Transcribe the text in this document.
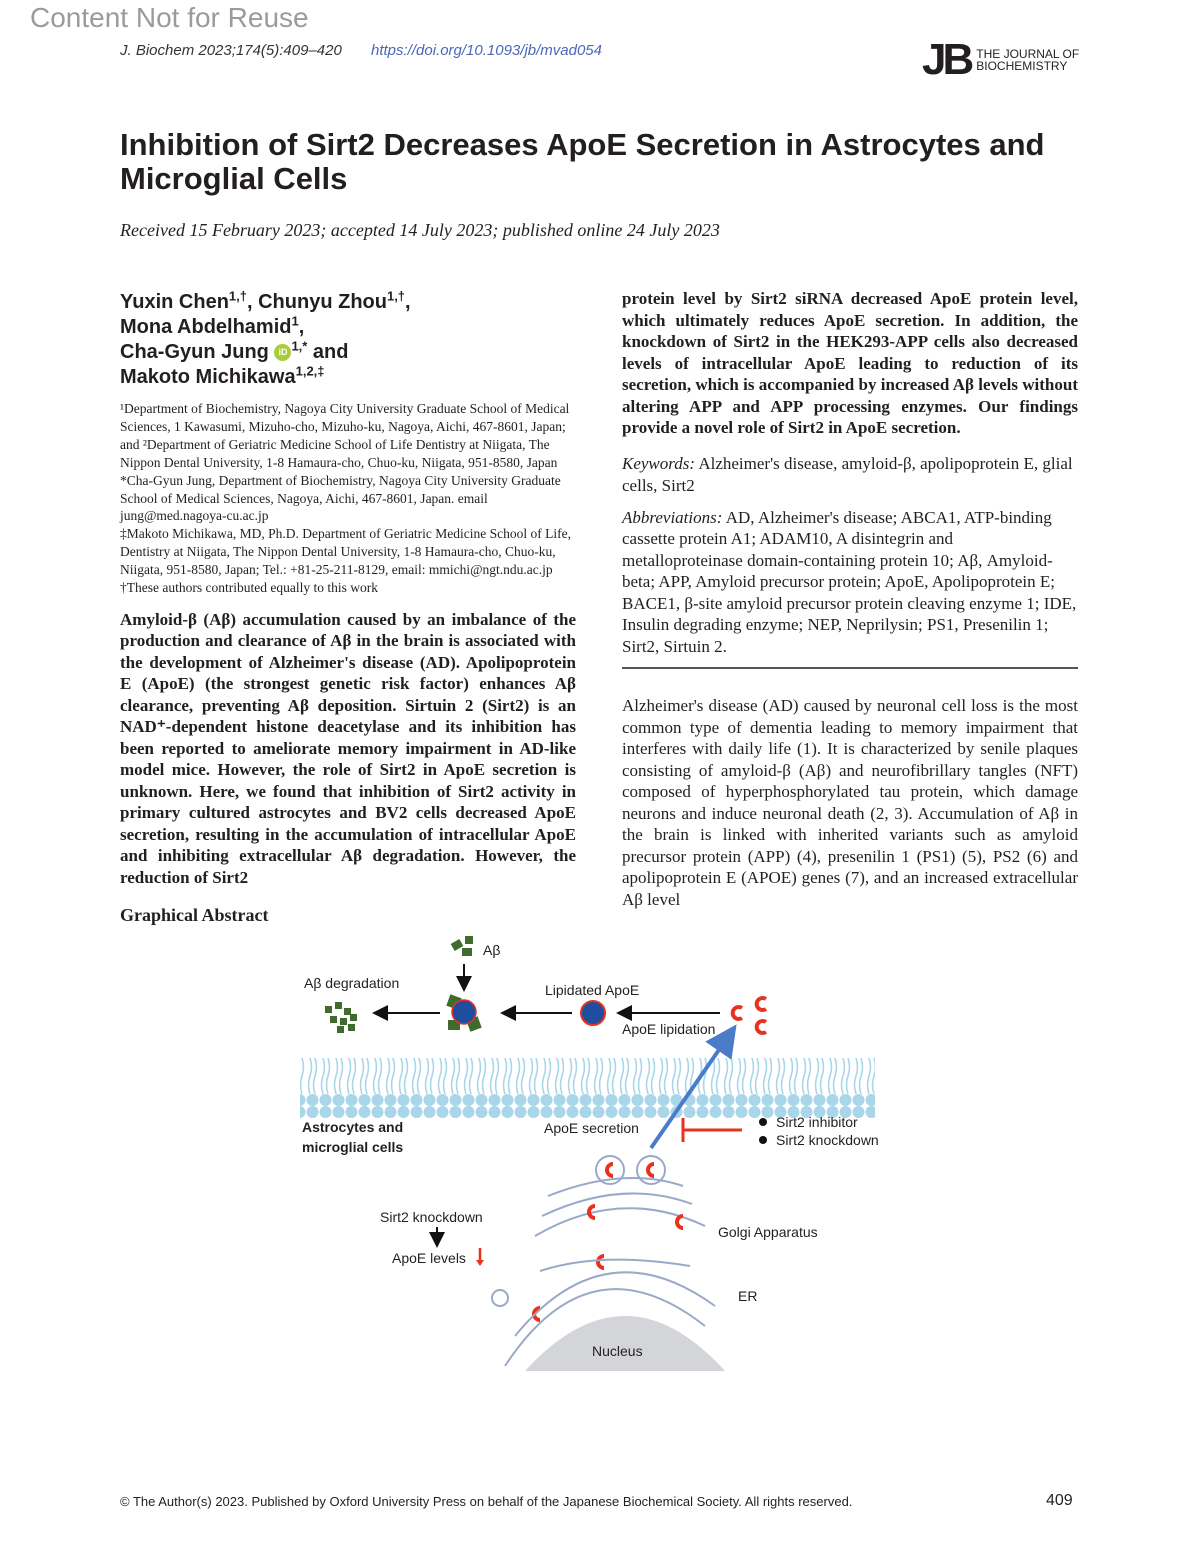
Content Not for Reuse
J. Biochem 2023;174(5):409–420 https://doi.org/10.1093/jb/mvad054	JB THE JOURNAL OF
BIOCHEMISTRY
Inhibition of Sirt2 Decreases ApoE Secretion in Astrocytes and Microglial Cells
Received 15 February 2023; accepted 14 July 2023; published online 24 July 2023
Yuxin Chen$^{1,\dagger}$, Chunyu Zhou$^{1,\dagger}$,
Mona Abdelhamid$^1$,
Cha-Gyun Jung iD $^{1,*}$ and
Makoto Michikawa$^{1,2,\ddagger}$

¹Department of Biochemistry, Nagoya City University Graduate School of Medical Sciences, 1 Kawasumi, Mizuho-cho, Mizuho-ku, Nagoya, Aichi, 467-8601, Japan; and ²Department of Geriatric Medicine School of Life Dentistry at Niigata, The Nippon Dental University, 1-8 Hamaura-cho, Chuo-ku, Niigata, 951-8580, Japan

*Cha-Gyun Jung, Department of Biochemistry, Nagoya City University Graduate School of Medical Sciences, Nagoya, Aichi, 467-8601, Japan. email jung@med.nagoya-cu.ac.jp

‡Makoto Michikawa, MD, Ph.D. Department of Geriatric Medicine School of Life, Dentistry at Niigata, The Nippon Dental University, 1-8 Hamaura-cho, Chuo-ku, Niigata, 951-8580, Japan; Tel.: +81-25-211-8129, email: mmichi@ngt.ndu.ac.jp

†These authors contributed equally to this work

Amyloid-β (Aβ) accumulation caused by an imbalance of the production and clearance of Aβ in the brain is associated with the development of Alzheimer's disease (AD). Apolipoprotein E (ApoE) (the strongest genetic risk factor) enhances Aβ clearance, preventing Aβ deposition. Sirtuin 2 (Sirt2) is an NAD⁺-dependent histone deacetylase and its inhibition has been reported to ameliorate memory impairment in AD-like model mice. However, the role of Sirt2 in ApoE secretion is unknown. Here, we found that inhibition of Sirt2 activity in primary cultured astrocytes and BV2 cells decreased ApoE secretion, resulting in the accumulation of intracellular ApoE and inhibiting extracellular Aβ degradation. However, the reduction of Sirt2
Graphical Abstract
Aβ
Aβ degradation	Lipidated ApoE
ApoE lipidation
Astrocytes and
microglial cells
ApoE secretion	Sirt2 inhibitor
Sirt2 knockdown
Golgi Apparatus
ER
Nucleus
Sirt2 knockdown
ApoE levels
protein level by Sirt2 siRNA decreased ApoE protein level, which ultimately reduces ApoE secretion. In addition, the knockdown of Sirt2 in the HEK293-APP cells also decreased levels of intracellular ApoE leading to reduction of its secretion, which is accompanied by increased Aβ levels without altering APP and APP processing enzymes. Our findings provide a novel role of Sirt2 in ApoE secretion.
Keywords: Alzheimer's disease, amyloid-β, apolipoprotein E, glial cells, Sirt2
Abbreviations: AD, Alzheimer's disease; ABCA1, ATP-binding cassette protein A1; ADAM10, A disintegrin and metalloproteinase domain-containing protein 10; Aβ, Amyloid-beta; APP, Amyloid precursor protein; ApoE, Apolipoprotein E; BACE1, β-site amyloid precursor protein cleaving enzyme 1; IDE, Insulin degrading enzyme; NEP, Neprilysin; PS1, Presenilin 1; Sirt2, Sirtuin 2.
Alzheimer's disease (AD) caused by neuronal cell loss is the most common type of dementia leading to memory impairment that interferes with daily life (1). It is characterized by senile plaques consisting of amyloid-β (Aβ) and neurofibrillary tangles (NFT) composed of hyperphosphorylated tau protein, which damage neurons and induce neuronal death (2, 3). Accumulation of Aβ in the brain is linked with inherited variants such as amyloid precursor protein (APP) (4), presenilin 1 (PS1) (5), PS2 (6) and apolipoprotein E (APOE) genes (7), and an increased extracellular Aβ level
© The Author(s) 2023. Published by Oxford University Press on behalf of the Japanese Biochemical Society. All rights reserved.	409
